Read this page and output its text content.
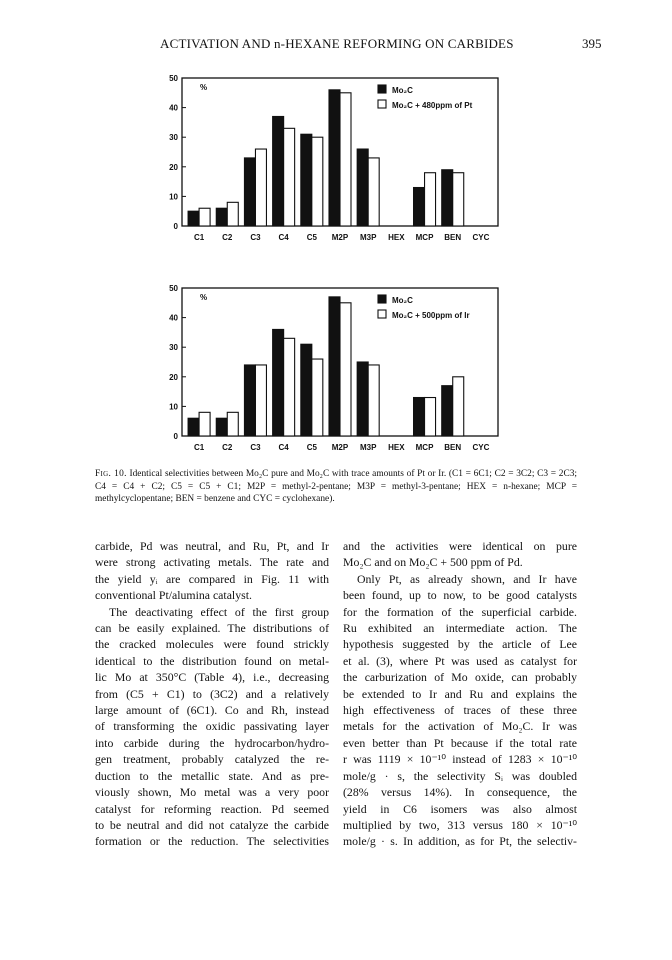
ACTIVATION AND n-HEXANE REFORMING ON CARBIDES	395
0
10
20
30
40
50
%
C1 C2 C3 C4 C5 M2P M3P HEX MCP BEN CYC
Mo₂C
Mo₂C + 480ppm of Pt
0
10
20
30
40
50
%
C1 C2 C3 C4 C5 M2P M3P HEX MCP BEN CYC
Mo₂C
Mo₂C + 500ppm of Ir
Fig. 10. Identical selectivities between Mo₂C pure and Mo₂C with trace amounts of Pt or Ir. (C1 = 6C1; C2 = 3C2; C3 = 2C3; C4 = C4 + C2; C5 = C5 + C1; M2P = methyl-2-pentane; M3P = methyl-3-pentane; HEX = n-hexane; MCP = methylcyclopentane; BEN = benzene and CYC = cyclohexane).
carbide, Pd was neutral, and Ru, Pt, and Ir
were strong activating metals. The rate and
the yield yᵢ are compared in Fig. 11 with
conventional Pt/alumina catalyst.
The deactivating effect of the first group
can be easily explained. The distributions of
the cracked molecules were found strickly
identical to the distribution found on metal-
lic Mo at 350°C (Table 4), i.e., decreasing
from (C5 + C1) to (3C2) and a relatively
large amount of (6C1). Co and Rh, instead
of transforming the oxidic passivating layer
into carbide during the hydrocarbon/hydro-
gen treatment, probably catalyzed the re-
duction to the metallic state. And as pre-
viously shown, Mo metal was a very poor
catalyst for reforming reaction. Pd seemed
to be neutral and did not catalyze the carbide
formation or the reduction. The selectivities
and the activities were identical on pure
Mo₂C and on Mo₂C + 500 ppm of Pd.
Only Pt, as already shown, and Ir have
been found, up to now, to be good catalysts
for the formation of the superficial carbide.
Ru exhibited an intermediate action. The
hypothesis suggested by the article of Lee
et al. (3), where Pt was used as catalyst for
the carburization of Mo oxide, can probably
be extended to Ir and Ru and explains the
high effectiveness of traces of these three
metals for the activation of Mo₂C. Ir was
even better than Pt because if the total rate
r was 1119 × 10⁻¹⁰ instead of 1283 × 10⁻¹⁰
mole/g · s, the selectivity Sᵢ was doubled
(28% versus 14%). In consequence, the
yield in C6 isomers was also almost
multiplied by two, 313 versus 180 × 10⁻¹⁰
mole/g · s. In addition, as for Pt, the selectiv-
